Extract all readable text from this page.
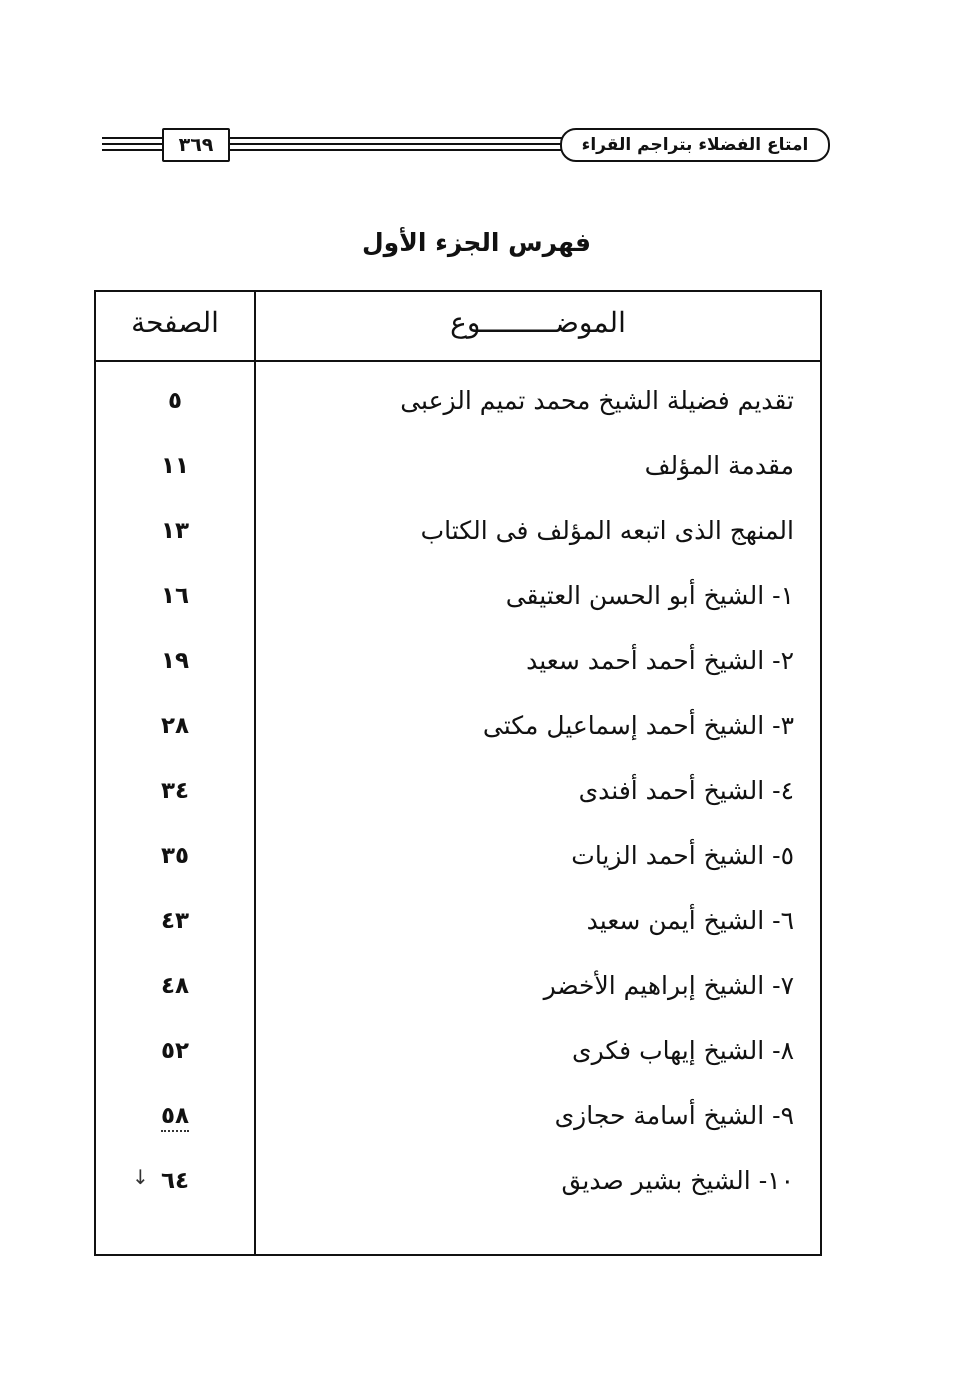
٣٦٩	امتاع الفضلاء بتراجم القراء
فهرس الجزء الأول
الصفحة	الموضـــــــــوع
تقديم فضيلة الشيخ محمد تميم الزعبى
٥
مقدمة المؤلف
١١
المنهج الذى اتبعه المؤلف فى الكتاب
١٣
١- الشيخ أبو الحسن العتيقى
١٦
٢- الشيخ أحمد أحمد سعيد
١٩
٣- الشيخ أحمد إسماعيل مكتى
٢٨
٤- الشيخ أحمد أفندى
٣٤
٥- الشيخ أحمد الزيات
٣٥
٦- الشيخ أيمن سعيد
٤٣
٧- الشيخ إبراهيم الأخضر
٤٨
٨- الشيخ إيهاب فكرى
٥٢
٩- الشيخ أسامة حجازى
٥٨
١٠- الشيخ بشير صديق
٦٤
↓
